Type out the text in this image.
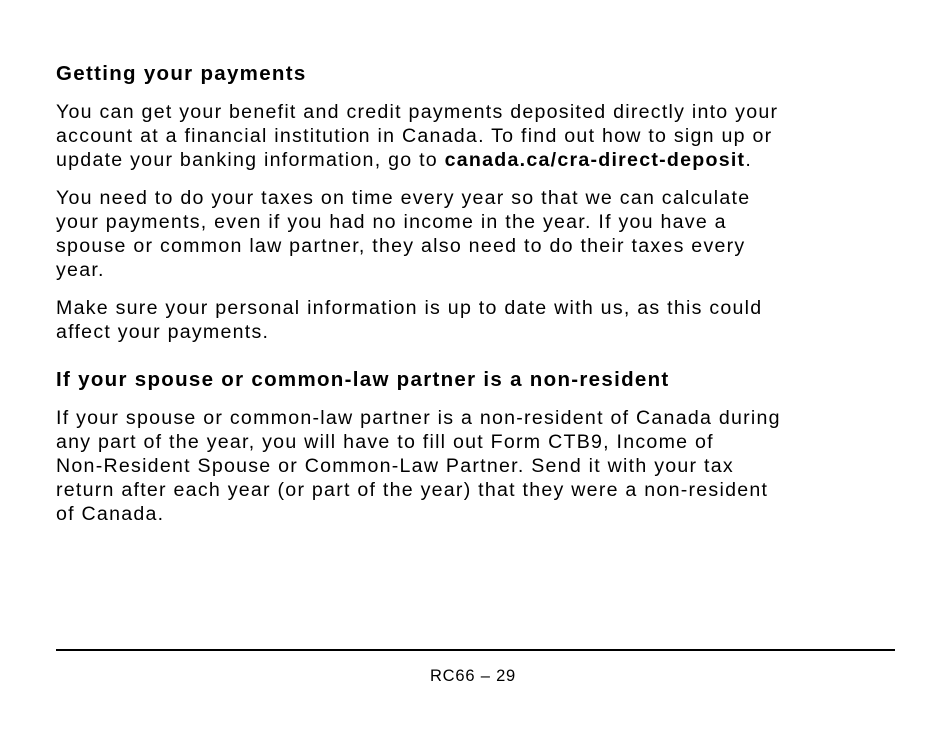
Getting your payments

You can get your benefit and credit payments deposited directly into your
account at a financial institution in Canada. To find out how to sign up or
update your banking information, go to canada.ca/cra-direct-deposit.

You need to do your taxes on time every year so that we can calculate
your payments, even if you had no income in the year. If you have a
spouse or common law partner, they also need to do their taxes every
year.

Make sure your personal information is up to date with us, as this could
affect your payments.

If your spouse or common-law partner is a non-resident

If your spouse or common-law partner is a non-resident of Canada during
any part of the year, you will have to fill out Form CTB9, Income of
Non-Resident Spouse or Common-Law Partner. Send it with your tax
return after each year (or part of the year) that they were a non-resident
of Canada.

RC66 – 29
